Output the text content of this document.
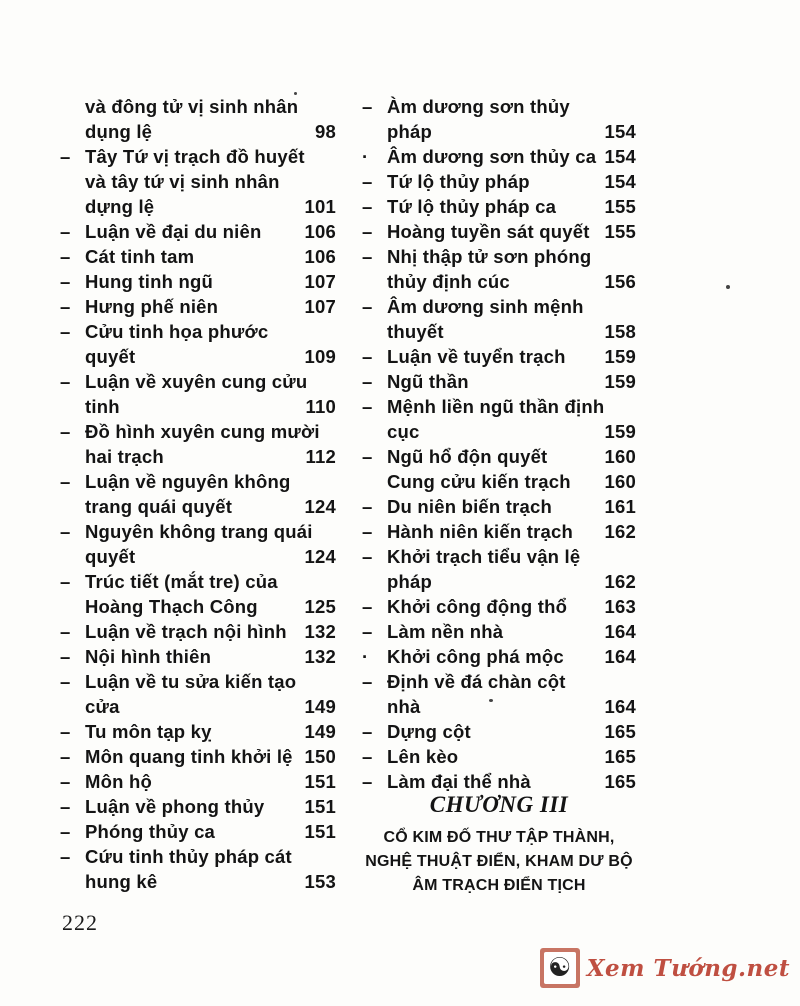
và đông tử vị sinh nhân
dụng lệ	98
– Tây Tứ vị trạch đồ huyết
và tây tứ vị sinh nhân
dựng lệ	101
– Luận về đại du niên	106
– Cát tinh tam	106
– Hung tinh ngũ	107
– Hưng phế niên	107
– Cửu tinh họa phước
quyết	109
– Luận về xuyên cung cửu
tinh	110
– Đồ hình xuyên cung mười
hai trạch	112
– Luận về nguyên không
trang quái quyết	124
– Nguyên không trang quái
quyết	124
– Trúc tiết (mắt tre) của
Hoàng Thạch Công	125
– Luận về trạch nội hình 132
– Nội hình thiên	132
– Luận về tu sửa kiến tạo
cửa	149
– Tu môn tạp kỵ	149
– Môn quang tinh khởi lệ 150
– Môn hộ	151
– Luận về phong thủy	151
– Phóng thủy ca	151
– Cứu tinh thủy pháp cát
hung kê	153
– Àm dương sơn thủy
pháp	154
·	Âm dương sơn thủy ca 154
– Tứ lộ thủy pháp	154
– Tứ lộ thủy pháp ca	155
– Hoàng tuyền sát quyết 155
– Nhị thập tử sơn phóng
thủy định cúc	156
– Âm dương sinh mệnh
thuyết	158
– Luận về tuyển trạch	159
– Ngũ thần	159
– Mệnh liền ngũ thần định
cục	159
– Ngũ hổ độn quyết	160
Cung cửu kiến trạch	160
– Du niên biến trạch	161
– Hành niên kiến trạch	162
– Khởi trạch tiểu vận lệ
pháp	162
– Khởi công động thổ	163
– Làm nền nhà	164
·	Khởi công phá mộc	164
– Định về đá chàn cột
nhà	164
– Dựng cột	165
– Lên kèo	165
– Làm đại thể nhà	165
CHƯƠNG III
CỔ KIM ĐỐ THƯ TẬP THÀNH,
NGHỆ THUẬT ĐIỂN, KHAM DƯ BỘ
ÂM TRẠCH ĐIỂN TỊCH
222
☯ Xem Tướng.net
